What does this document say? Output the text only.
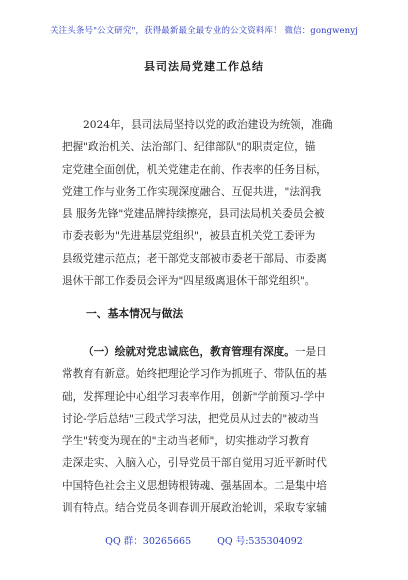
关注头条号"公文研究"，获得最新最全最专业的公文资料库！ 微信：gongwenyj
县司法局党建工作总结
2024年，县司法局坚持以党的政治建设为统领，准确
把握"政治机关、法治部门、纪律部队"的职责定位，锚
定党建全面创优，机关党建走在前、作表率的任务目标，
党建工作与业务工作实现深度融合、互促共进，"法润我
县 服务先锋"党建品牌持续擦亮，县司法局机关委员会被
市委表彰为"先进基层党组织"，被县直机关党工委评为
县级党建示范点；老干部党支部被市委老干部局、市委离
退休干部工作委员会评为"四星级离退休干部党组织"。
一、基本情况与做法
（一）绘就对党忠诚底色，教育管理有深度。一是日
常教育有新意。始终把理论学习作为抓班子、带队伍的基
础，发挥理论中心组学习表率作用，创新"学前预习-学中
讨论-学后总结"三段式学习法，把党员从过去的"被动当
学生"转变为现在的"主动当老师"，切实推动学习教育
走深走实、入脑入心，引导党员干部自觉用习近平新时代
中国特色社会主义思想铸根铸魂、强基固本。二是集中培
训有特点。结合党员冬训春训开展政治轮训，采取专家辅
QQ 群：30265665	QQ 号:535304092
